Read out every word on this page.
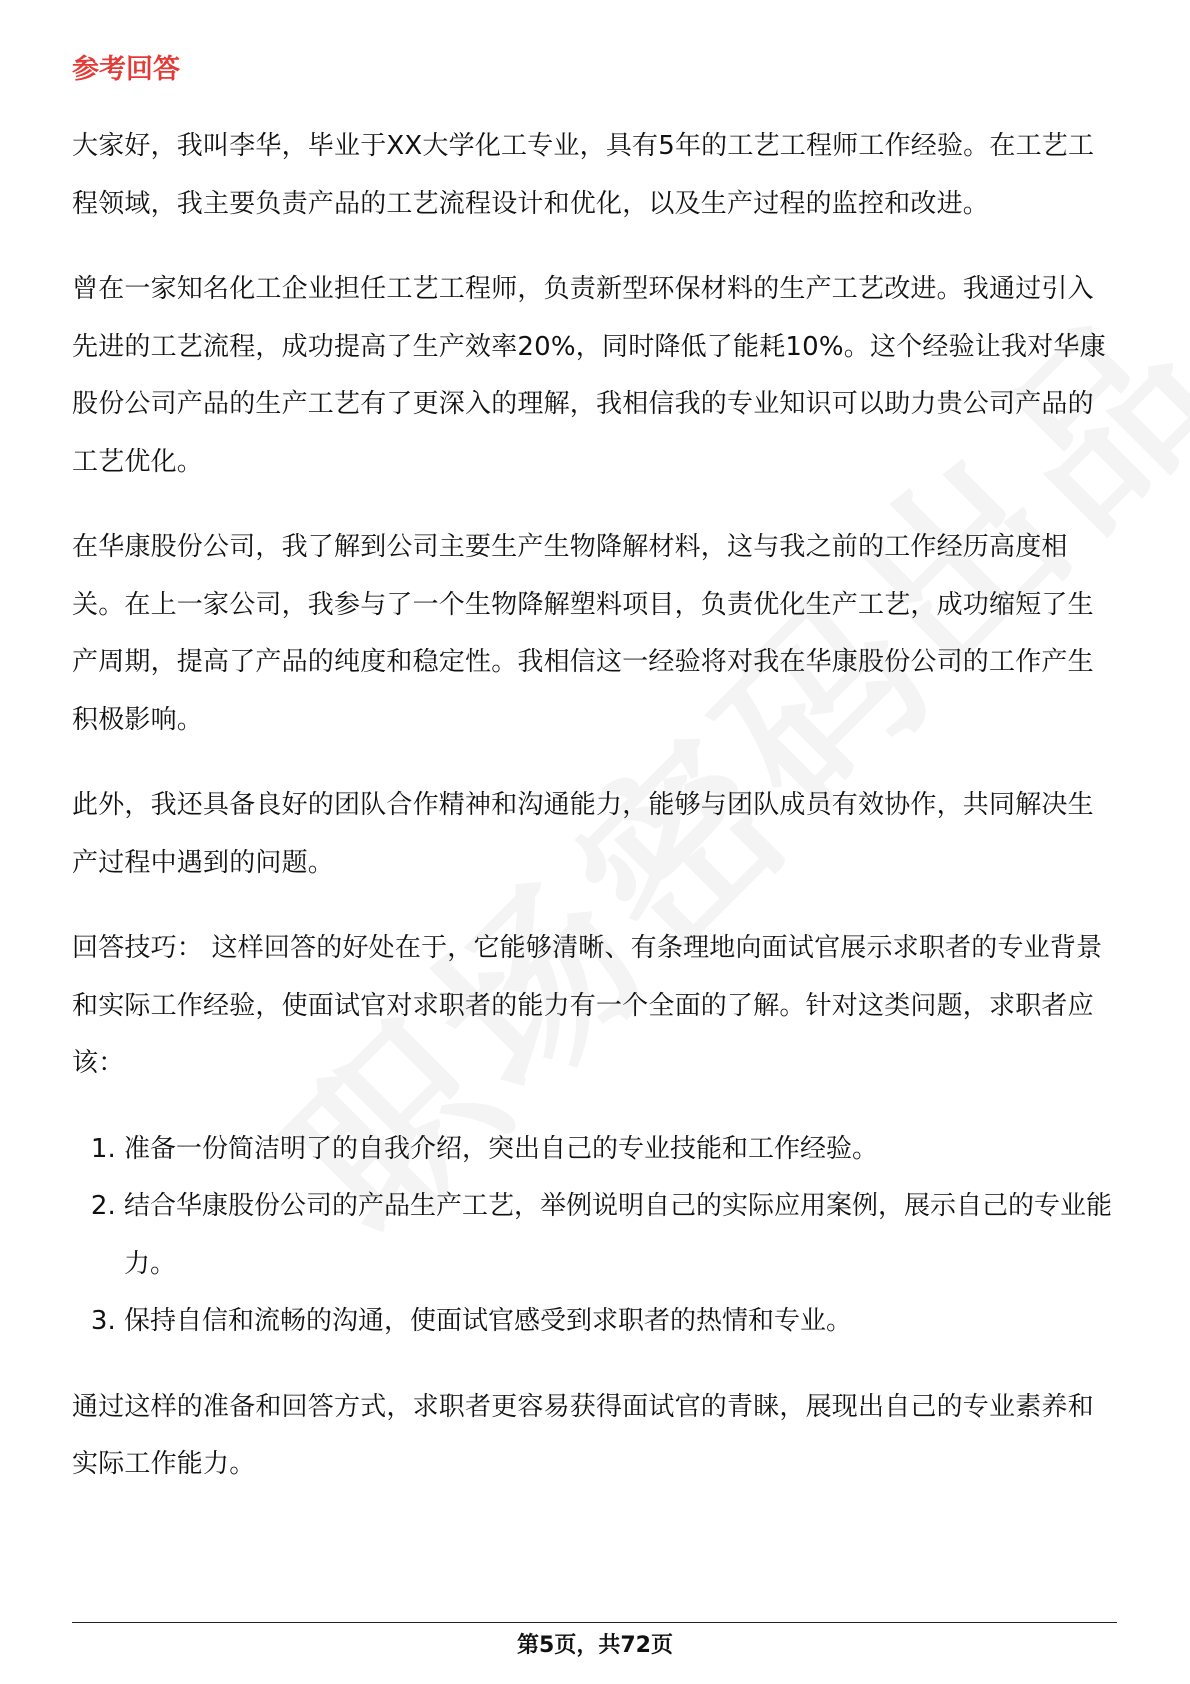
参考回答

大家好，我叫李华，毕业于XX大学化工专业，具有5年的工艺工程师工作经验。在工艺工程领域，我主要负责产品的工艺流程设计和优化，以及生产过程的监控和改进。

曾在一家知名化工企业担任工艺工程师，负责新型环保材料的生产工艺改进。我通过引入先进的工艺流程，成功提高了生产效率20%，同时降低了能耗10%。这个经验让我对华康股份公司产品的生产工艺有了更深入的理解，我相信我的专业知识可以助力贵公司产品的工艺优化。

在华康股份公司，我了解到公司主要生产生物降解材料，这与我之前的工作经历高度相关。在上一家公司，我参与了一个生物降解塑料项目，负责优化生产工艺，成功缩短了生产周期，提高了产品的纯度和稳定性。我相信这一经验将对我在华康股份公司的工作产生积极影响。

此外，我还具备良好的团队合作精神和沟通能力，能够与团队成员有效协作，共同解决生产过程中遇到的问题。

回答技巧： 这样回答的好处在于，它能够清晰、有条理地向面试官展示求职者的专业背景和实际工作经验，使面试官对求职者的能力有一个全面的了解。针对这类问题，求职者应该：

1. 准备一份简洁明了的自我介绍，突出自己的专业技能和工作经验。
2. 结合华康股份公司的产品生产工艺，举例说明自己的实际应用案例，展示自己的专业能力。
3. 保持自信和流畅的沟通，使面试官感受到求职者的热情和专业。

通过这样的准备和回答方式，求职者更容易获得面试官的青睐，展现出自己的专业素养和实际工作能力。

第5页，共72页
